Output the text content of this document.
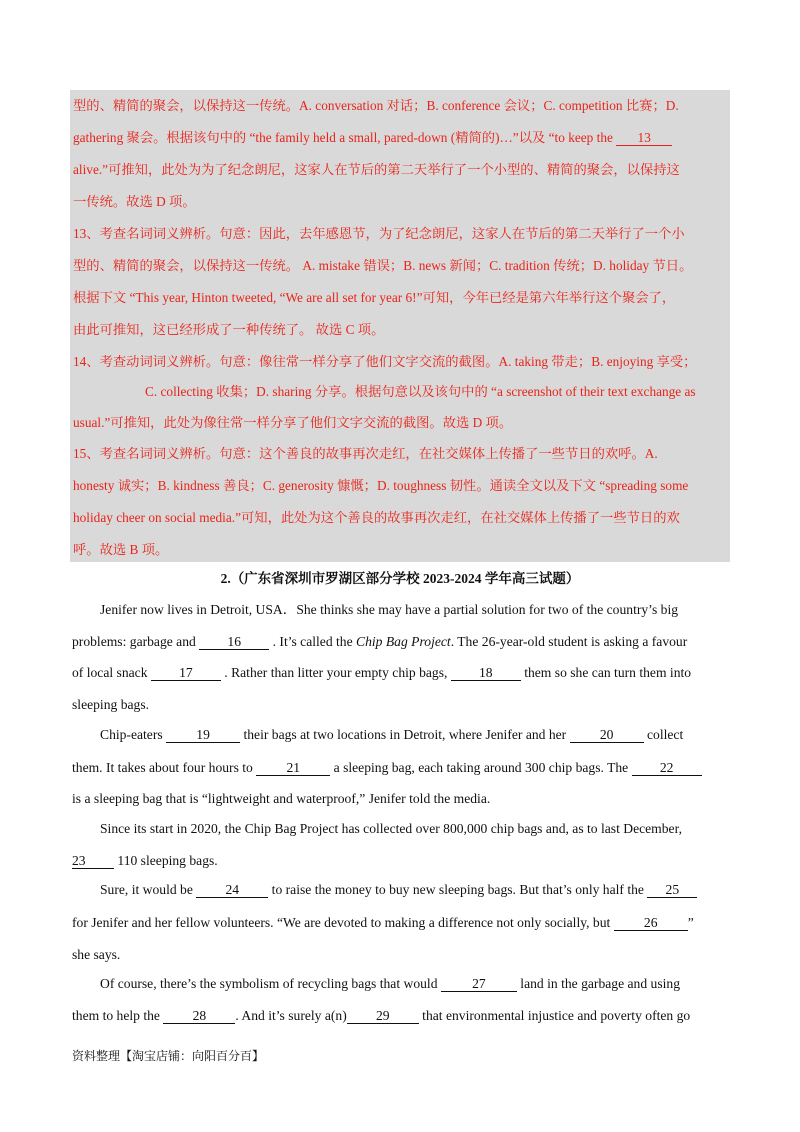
型的、精简的聚会，以保持这一传统。A. conversation 对话；B. conference 会议；C. competition 比赛；D.
gathering 聚会。根据该句中的 “the family held a small, pared-down (精简的)…”以及 “to keep the 13
alive.”可推知，此处为为了纪念朗尼，这家人在节后的第二天举行了一个小型的、精简的聚会，以保持这
一传统。故选 D 项。
13、考查名词词义辨析。句意：因此，去年感恩节，为了纪念朗尼，这家人在节后的第二天举行了一个小
型的、精简的聚会，以保持这一传统。 A. mistake 错误；B. news 新闻；C. tradition 传统；D. holiday 节日。
根据下文 “This year, Hinton tweeted, “We are all set for year 6!”可知，今年已经是第六年举行这个聚会了，
由此可推知，这已经形成了一种传统了。 故选 C 项。
14、考查动词词义辨析。句意：像往常一样分享了他们文字交流的截图。A. taking 带走；B. enjoying 享受；
C. collecting 收集；D. sharing 分享。根据句意以及该句中的 “a screenshot of their text exchange as
usual.”可推知，此处为像往常一样分享了他们文字交流的截图。故选 D 项。
15、考查名词词义辨析。句意：这个善良的故事再次走红，在社交媒体上传播了一些节日的欢呼。A.
honesty 诚实；B. kindness 善良；C. generosity 慷慨；D. toughness 韧性。通读全文以及下文 “spreading some
holiday cheer on social media.”可知，此处为这个善良的故事再次走红，在社交媒体上传播了一些节日的欢
呼。故选 B 项。
2.（广东省深圳市罗湖区部分学校 2023-2024 学年高三试题）
Jenifer now lives in Detroit, USA．She thinks she may have a partial solution for two of the country’s big
problems: garbage and 16 . It’s called the Chip Bag Project. The 26-year-old student is asking a favour
of local snack 17 . Rather than litter your empty chip bags, 18 them so she can turn them into
sleeping bags.
Chip-eaters 19 their bags at two locations in Detroit, where Jenifer and her 20 collect
them. It takes about four hours to 21 a sleeping bag, each taking around 300 chip bags. The 22
is a sleeping bag that is “lightweight and waterproof,” Jenifer told the media.
Since its start in 2020, the Chip Bag Project has collected over 800,000 chip bags and, as to last December,
23 110 sleeping bags.
Sure, it would be 24 to raise the money to buy new sleeping bags. But that’s only half the 25
for Jenifer and her fellow volunteers. “We are devoted to making a difference not only socially, but 26 ”
she says.
Of course, there’s the symbolism of recycling bags that would 27 land in the garbage and using
them to help the 28 . And it’s surely a(n) 29 that environmental injustice and poverty often go
资料整理【淘宝店铺：向阳百分百】
